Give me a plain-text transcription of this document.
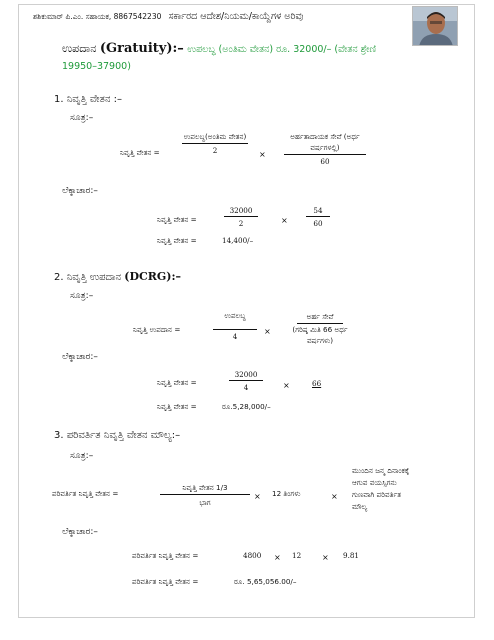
ಶಶಿಕುಮಾರ್ ಪಿ.ಎಂ. ಸಹಾಯಕ, 8867542230 ಸರ್ಕಾರದ ಆದೇಶ/ನಿಯಮ/ಕಾಯ್ದೆಗಳ ಅರಿವು
ಉಪದಾನ (Gratuity):– ಉಪಲಬ್ಧ (ಅಂತಿಮ ವೇತನ) ರೂ. 32000/– (ವೇತನ ಶ್ರೇಣಿ
19950–37900)
1. ನಿವೃತ್ತಿ ವೇತನ :–
ಸೂತ್ರ:–
ನಿವೃತ್ತಿ ವೇತನ =
ಉಪಲಬ್ಧ(ಅಂತಿಮ ವೇತನ)
2	×
ಅರ್ಹತಾದಾಯಕ ಸೇವೆ (ಅರ್ಧ ವರ್ಷಗಳಲ್ಲಿ)
60
ಲೆಕ್ಕಾಚಾರ:–
ನಿವೃತ್ತಿ ವೇತನ =	$\frac{32000}{2}$	×	$\frac{54}{60}$
ನಿವೃತ್ತಿ ವೇತನ =	14,400/–
2. ನಿವೃತ್ತಿ ಉಪದಾನ (DCRG):–
ಸೂತ್ರ:–
ನಿವೃತ್ತಿ ಉಪದಾನ =
ಉಪಲಬ್ಧ
4
×
ಅರ್ಹ ಸೇವೆ
(ಗರಿಷ್ಠ ಮಿತಿ 66 ಅರ್ಧ
ವರ್ಷಗಳು)
ಲೆಕ್ಕಾಚಾರ:–
ನಿವೃತ್ತಿ ವೇತನ =	$\frac{32000}{4}$	×	66
ನಿವೃತ್ತಿ ವೇತನ =	ರೂ.5,28,000/–
3. ಪರಿವರ್ತಿತ ನಿವೃತ್ತಿ ವೇತನ ಮೌಲ್ಯ:–
ಸೂತ್ರ:–
ಪರಿವರ್ತಿತ ನಿವೃತ್ತಿ ವೇತನ =
ನಿವೃತ್ತಿ ವೇತನ 1/3
ಭಾಗ
× 12 ತಿಂಗಳು	×
ಮುಂದಿನ ಜನ್ಮ ದಿನಾಂಕಕ್ಕೆ
ಆಗುವ ವಯಸ್ಸಿಗನು
ಗುಣವಾಗಿ ಪರಿವರ್ತಿತ
ಮೌಲ್ಯ
ಲೆಕ್ಕಾಚಾರ:–
ಪರಿವರ್ತಿತ ನಿವೃತ್ತಿ ವೇತನ =	4800 × 12	× 9.81
ಪರಿವರ್ತಿತ ನಿವೃತ್ತಿ ವೇತನ =	ರೂ. 5,65,056.00/–
